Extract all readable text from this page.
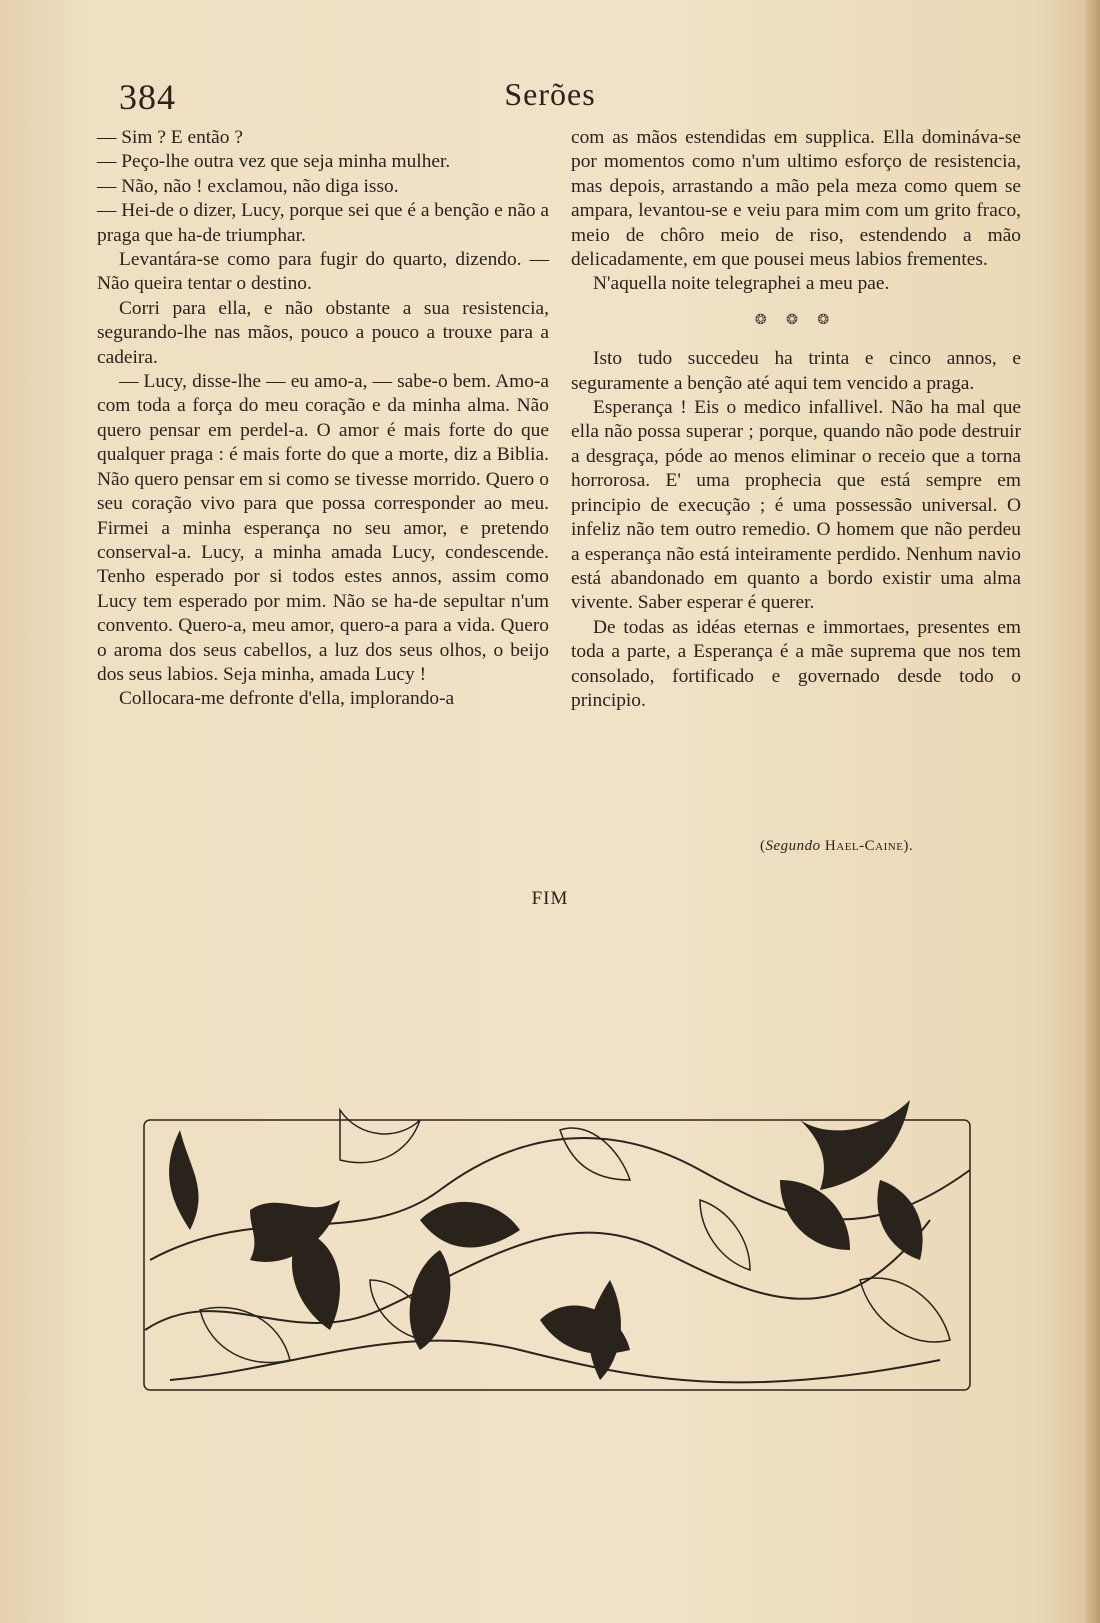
384	Serões

— Sim ? E então ?

— Peço-lhe outra vez que seja minha mulher.

— Não, não ! exclamou, não diga isso.

— Hei-de o dizer, Lucy, porque sei que é a benção e não a praga que ha-de triumphar.

Levantára-se como para fugir do quarto, dizendo. — Não queira tentar o destino.

Corri para ella, e não obstante a sua resistencia, segurando-lhe nas mãos, pouco a pouco a trouxe para a cadeira.

— Lucy, disse-lhe — eu amo-a, — sabe-o bem. Amo-a com toda a força do meu coração e da minha alma. Não quero pensar em perdel-a. O amor é mais forte do que qualquer praga : é mais forte do que a morte, diz a Biblia. Não quero pensar em si como se tivesse morrido. Quero o seu coração vivo para que possa corresponder ao meu. Firmei a minha esperança no seu amor, e pretendo conserval-a. Lucy, a minha amada Lucy, condescende. Tenho esperado por si todos estes annos, assim como Lucy tem esperado por mim. Não se ha-de sepultar n'um convento. Quero-a, meu amor, quero-a para a vida. Quero o aroma dos seus cabellos, a luz dos seus olhos, o beijo dos seus labios. Seja minha, amada Lucy !

Collocara-me defronte d'ella, implorando-a

com as mãos estendidas em supplica. Ella domináva-se por momentos como n'um ultimo esforço de resistencia, mas depois, arrastando a mão pela meza como quem se ampara, levantou-se e veiu para mim com um grito fraco, meio de chôro meio de riso, estendendo a mão delicadamente, em que pousei meus labios frementes.

N'aquella noite telegraphei a meu pae.

❂ ❂ ❂

Isto tudo succedeu ha trinta e cinco annos, e seguramente a benção até aqui tem vencido a praga.

Esperança ! Eis o medico infallivel. Não ha mal que ella não possa superar ; porque, quando não pode destruir a desgraça, póde ao menos eliminar o receio que a torna horrorosa. E' uma prophecia que está sempre em principio de execução ; é uma possessão universal. O infeliz não tem outro remedio. O homem que não perdeu a esperança não está inteiramente perdido. Nenhum navio está abandonado em quanto a bordo existir uma alma vivente. Saber esperar é querer.

De todas as idéas eternas e immortaes, presentes em toda a parte, a Esperança é a mãe suprema que nos tem consolado, fortificado e governado desde todo o principio.

(Segundo Hael-Caine).
FIM
